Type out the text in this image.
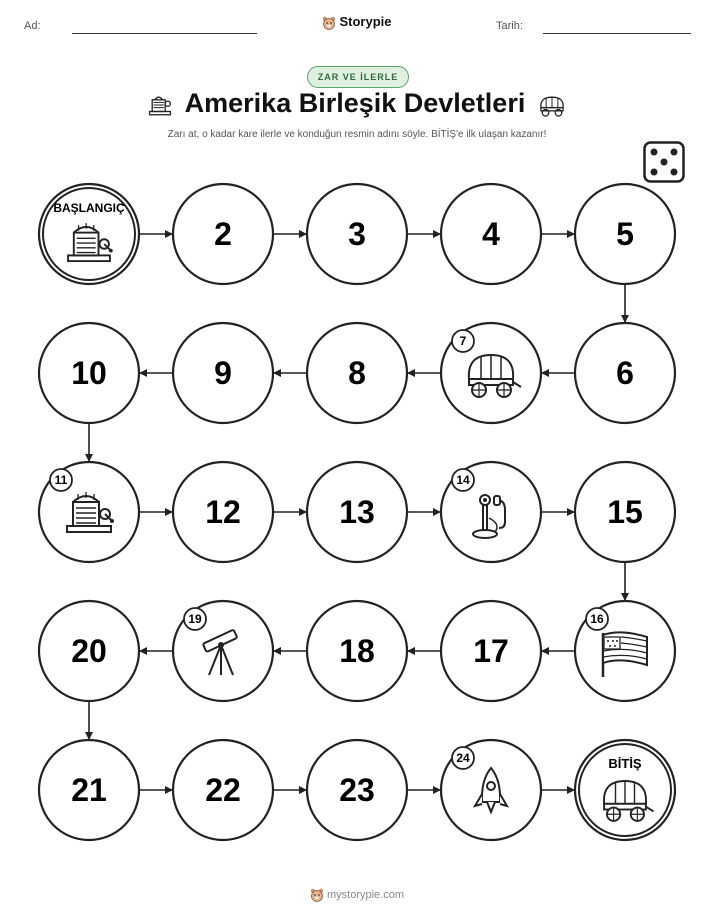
Ad:	Storypie	Tarih:
ZAR VE İLERLE
Amerika Birleşik Devletleri
Zarı at, o kadar kare ilerle ve konduğun resmin adını söyle. BİTİŞ'e ilk ulaşan kazanır!
BAŞLANGIÇ
2	3	4	5
6
7
8
9
10
11
12	13
14
15
16
17
18
19
20
21	22	23
24	BİTİŞ
mystorypie.com
